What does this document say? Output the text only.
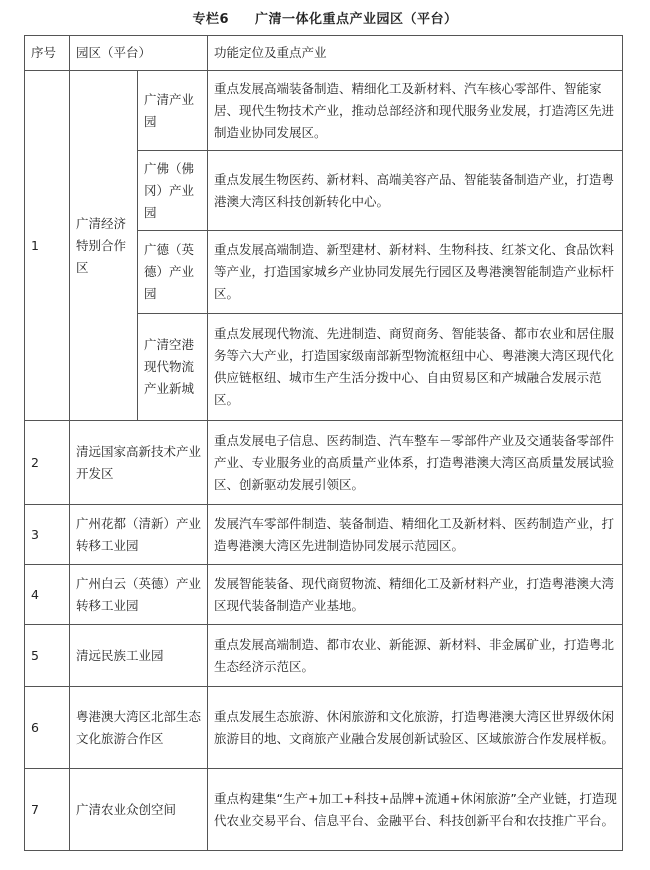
专栏6 广清一体化重点产业园区（平台）
序号	园区（平台）		功能定位及重点产业
1	广清经济特别合作区	广清产业园	重点发展高端装备制造、精细化工及新材料、汽车核心零部件、智能家居、现代生物技术产业，推动总部经济和现代服务业发展，打造湾区先进制造业协同发展区。
		广佛（佛冈）产业园	重点发展生物医药、新材料、高端美容产品、智能装备制造产业，打造粤港澳大湾区科技创新转化中心。
		广德（英德）产业园	重点发展高端制造、新型建材、新材料、生物科技、红茶文化、食品饮料等产业，打造国家城乡产业协同发展先行园区及粤港澳智能制造产业标杆区。
		广清空港现代物流产业新城	重点发展现代物流、先进制造、商贸商务、智能装备、都市农业和居住服务等六大产业，打造国家级南部新型物流枢纽中心、粤港澳大湾区现代化供应链枢纽、城市生产生活分拨中心、自由贸易区和产城融合发展示范区。
2	清远国家高新技术产业开发区		重点发展电子信息、医药制造、汽车整车－零部件产业及交通装备零部件产业、专业服务业的高质量产业体系，打造粤港澳大湾区高质量发展试验区、创新驱动发展引领区。
3	广州花都（清新）产业转移工业园		发展汽车零部件制造、装备制造、精细化工及新材料、医药制造产业，打造粤港澳大湾区先进制造协同发展示范园区。
4	广州白云（英德）产业转移工业园		发展智能装备、现代商贸物流、精细化工及新材料产业，打造粤港澳大湾区现代装备制造产业基地。
5	清远民族工业园		重点发展高端制造、都市农业、新能源、新材料、非金属矿业，打造粤北生态经济示范区。
6	粤港澳大湾区北部生态文化旅游合作区		重点发展生态旅游、休闲旅游和文化旅游，打造粤港澳大湾区世界级休闲旅游目的地、文商旅产业融合发展创新试验区、区域旅游合作发展样板。
7	广清农业众创空间		重点构建集“生产+加工+科技+品牌+流通+休闲旅游”全产业链，打造现代农业交易平台、信息平台、金融平台、科技创新平台和农技推广平台。
